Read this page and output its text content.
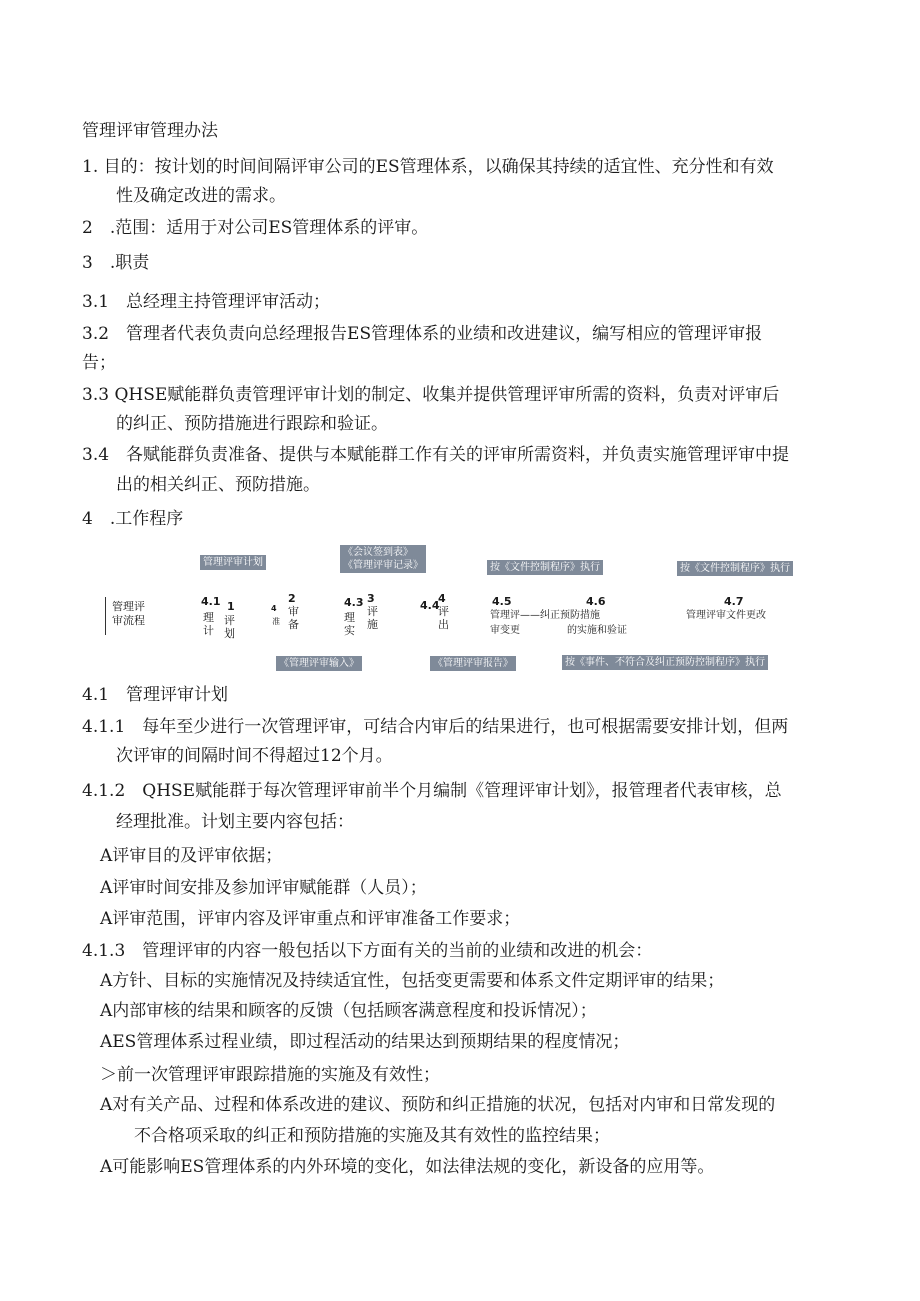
管理评审管理办法
1. 目的：按计划的时间间隔评审公司的ES管理体系，以确保其持续的适宜性、充分性和有效
性及确定改进的需求。
2　.范围：适用于对公司ES管理体系的评审。
3　.职责
3.1　总经理主持管理评审活动；
3.2　管理者代表负责向总经理报告ES管理体系的业绩和改进建议，编写相应的管理评审报
告；
3.3 QHSE赋能群负责管理评审计划的制定、收集并提供管理评审所需的资料，负责对评审后
的纠正、预防措施进行跟踪和验证。
3.4　各赋能群负责准备、提供与本赋能群工作有关的评审所需资料，并负责实施管理评审中提
出的相关纠正、预防措施。
4　.工作程序
管理评审计划
《会议签到表》
《管理评审记录》	按《文件控制程序》执行	按《文件控制程序》执行
管理评
审流程
4.1 1
理计
评划
2
4 审备
准
4.3 3
理实
评施
4
4.4
评出
4.5
管理评——纠正预防措施
审变更
4.6
的实施和验证
4.7
管理评审文件更改
《管理评审输入》	《管理评审报告》	按《事件、不符合及纠正预防控制程序》执行
4.1　管理评审计划
4.1.1　每年至少进行一次管理评审，可结合内审后的结果进行，也可根据需要安排计划，但两
次评审的间隔时间不得超过12个月。
4.1.2　QHSE赋能群于每次管理评审前半个月编制《管理评审计划》，报管理者代表审核，总
经理批准。计划主要内容包括：
A评审目的及评审依据；
A评审时间安排及参加评审赋能群（人员）；
A评审范围，评审内容及评审重点和评审准备工作要求；
4.1.3　管理评审的内容一般包括以下方面有关的当前的业绩和改进的机会：
A方针、目标的实施情况及持续适宜性，包括变更需要和体系文件定期评审的结果；
A内部审核的结果和顾客的反馈（包括顾客满意程度和投诉情况）；
AES管理体系过程业绩，即过程活动的结果达到预期结果的程度情况；
＞前一次管理评审跟踪措施的实施及有效性；
A对有关产品、过程和体系改进的建议、预防和纠正措施的状况，包括对内审和日常发现的
不合格项采取的纠正和预防措施的实施及其有效性的监控结果；
A可能影响ES管理体系的内外环境的变化，如法律法规的变化，新设备的应用等。
